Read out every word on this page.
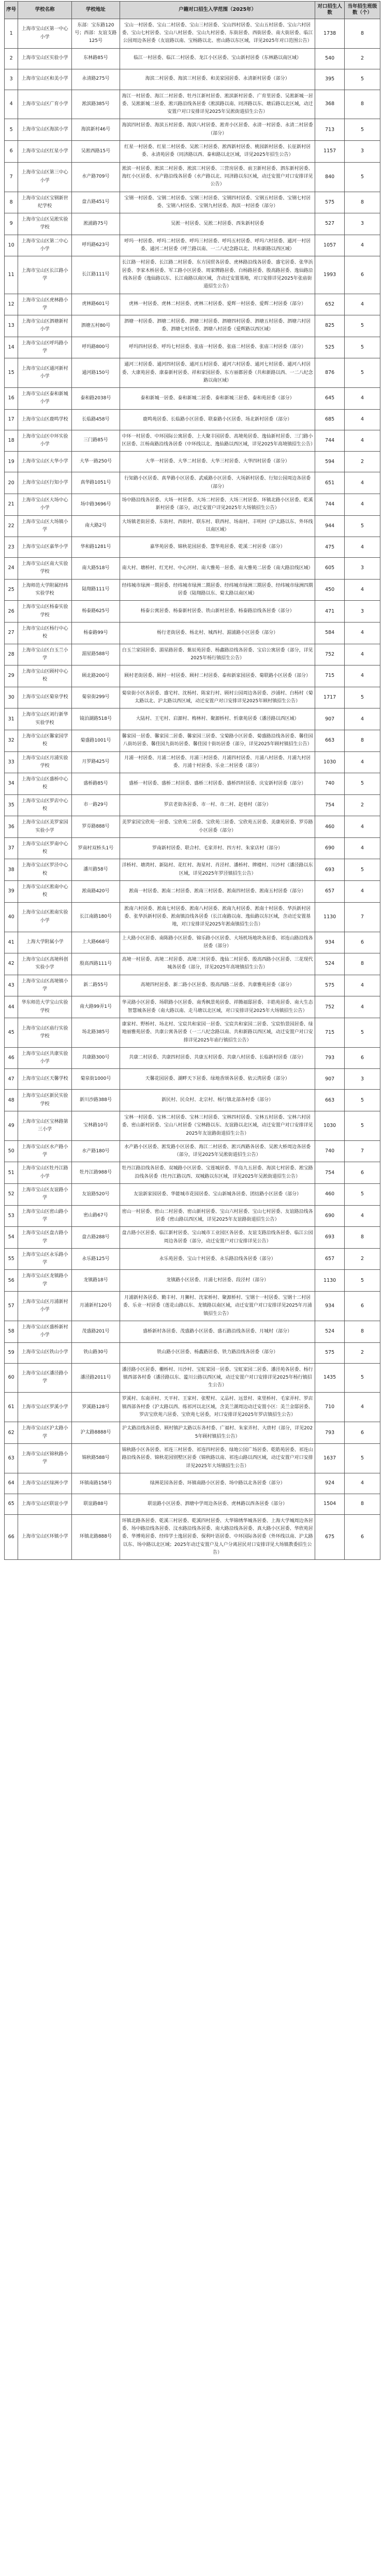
序号	学校名称	学校地址	户籍对口招生入学范围（2025年）	对口招生人数	当年招生班级数（个）
1	上海市宝山区第一中心小学	东部：宝东路120号；西部：友谊支路125号	宝山一村居委、宝山二村居委、宝山三村居委、宝山四村居委、宝山五村居委、宝山六村居委、宝山七村居委、宝山八村居委、宝山九村居委、东街居委、西街居委、南大街居委、临江公园周边各居委（友谊路以南、宝杨路以北、密山路以东区域，详见2025年对口范围公告）	1738	8
2	上海市宝山区实验小学	东林路85号	临江一村居委、临江二村居委、龙江小区居委、宝山新村居委（东林路以南区域）	540	2
3	上海市宝山区和美小学	永清路275号	海滨二村居委、海滨三村居委、和美家园居委、永清新村居委（部分）	395	5
4	上海市宝山区广育小学	淞滨路385号	海江一村居委、海江二村居委、牡丹江新村居委、淞滨新村居委、广育里居委、吴淞新城一居委、吴淞新城二居委、淞兴路沿线各居委（淞滨路以南、同济路以东、塘后路以北区域，动迁安置户对口安排详见2025年吴淞街道招生公告）	368	8
5	上海市宝山区海滨小学	海滨新村46号	海滨四村居委、海滨五村居委、海滨八村居委、淞青小区居委、永清一村居委、永清二村居委（部分）	713	5
6	上海市宝山区红星小学	吴淞西路15号	红星一村居委、红星二村居委、吴淞三村居委、淞西新村居委、桃园新村居委、长征新村居委、永清苑居委（同济路以西、泰和路以北区域，详见2025年招生公告）	1157	3
7	上海市宝山区第三中心小学	水产路709号	淞滨一村居委、淞滨二村居委、淞滨三村居委、三营房居委、前卫新村居委、泗东新村居委、海红小区居委、水产路沿线各居委（水产路以北、同济路以东区域，动迁安置户对口安排详见公告）	840	5
8	上海市宝山区宝钢新世纪学校	盘古路451号	宝钢一村居委、宝钢二村居委、宝钢三村居委、宝钢四村居委、宝钢五村居委、宝钢七村居委、宝钢八村居委、宝钢九村居委、海滨一村居委（部分）	575	8
9	上海市宝山区吴淞实验学校	淞浦路75号	吴淞一村居委、吴淞二村居委、西朱新村居委	527	3
10	上海市宝山区第二中心小学	呼玛路623号	呼玛一村居委、呼玛二村居委、呼玛三村居委、呼玛五村居委、呼玛六村居委、通河一村居委、通河二村居委（呼兰路以南、一二八纪念路以北、共和新路以西区域）	1057	4
11	上海市宝山区长江路小学	长江路111号	长江路一村居委、长江路二村居委、东方国贸各居委、虎林路沿线各居委、盛宅居委、张华浜居委、李家木桥居委、军工路小区居委、周家牌路居委、白杨路居委、殷高路居委、逸仙路沿线各居委（逸仙路以东、长江南路以南区域，含动迁安置基地，对口安排详见2025年张庙街道招生公告）	1993	6
12	上海市宝山区虎林路小学	虎林路601号	虎林一村居委、虎林二村居委、虎林三村居委、爱辉一村居委、爱辉二村居委（部分）	652	4
13	上海市宝山区泗塘新村小学	泗塘五村80号	泗塘一村居委、泗塘二村居委、泗塘三村居委、泗塘四村居委、泗塘五村居委、泗塘六村居委、泗塘七村居委、泗塘八村居委（爱辉路以西区域）	825	5
14	上海市宝山区呼玛路小学	呼玛路800号	呼玛四村居委、呼玛七村居委、张庙一村居委、张庙二村居委、张庙三村居委（部分）	525	5
15	上海市宝山区通河新村小学	通河路150号	通河三村居委、通河四村居委、通河五村居委、通河六村居委、通河七村居委、通河八村居委、大康苑居委、康泰新村居委、祥和家园居委、东方丽都居委（共和新路以西、一二八纪念路以南区域）	876	5
16	上海市宝山区泰和新城小学	泰和路2038号	泰和新城一居委、泰和新城二居委、泰和新城三居委、泰和苑居委（部分）	645	4
17	上海市宝山区鹿鸣学校	长临路458号	鹿鸣苑居委、长临路小区居委、联泰路小区居委、场北新村居委（部分）	685	4
18	上海市宝山区中环实验小学	三门路85号	中环一村居委、中环国际公寓居委、上大聚丰园居委、高境苑居委、逸仙新村居委、三门路小区居委、江杨南路沿线各居委（中环线以北、逸仙路以西区域，详见2025年高境镇招生公告）	744	4
19	上海市宝山区大华小学	大华一路250号	大华一村居委、大华二村居委、大华三村居委、大华四村居委（部分）	594	2
20	上海市宝山区行知小学	真华路1051号	行知路小区居委、真华路小区居委、武威路小区居委、大场新村居委、行知公园周边各居委（部分）	651	4
21	上海市宝山区大场中心小学	场中路3696号	场中路沿线各居委、大场一村居委、大场二村居委、大场三村居委、环镇北路小区居委、乾溪新村居委（部分，动迁安置户详见2025年大场镇招生公告）	744	4
22	上海市宝山区大场镇小学	南大路2号	大场镇老街居委、东街村、西街村、联东村、联西村、场南村、丰明村（沪太路以东、外环线以南区域）	944	5
23	上海市宝山区嘉华小学	华和路1281号	嘉华苑居委、锦秋花园居委、慧华苑居委、乾溪二村居委（部分）	475	4
24	上海市宝山区南大实验学校	南大路518号	南大村、塘桥村、红光村、中心河村、南大雅苑一居委、南大雅苑二居委（南大路沿线区域）	605	3
25	上海师范大学附属经纬实验学校	陆翔路111号	经纬城市绿洲一期居委、经纬城市绿洲二期居委、经纬城市绿洲三期居委、经纬城市绿洲四期居委（陆翔路以东、菊太路以南区域）	450	4
26	上海市宝山区杨泰实验学校	杨泰路625号	杨泰公寓居委、杨泰新村居委、铁山新村居委、杨泰路沿线各居委（部分）	471	3
27	上海市宝山区杨行中心校	杨泰路99号	杨行老街居委、杨北村、城西村、湄浦路小区居委（部分）	584	4
28	上海市宝山区白玉兰小学	湄星路588号	白玉兰家园居委、湄星路居委、紫辰苑居委、杨鑫路沿线各居委、宝启公寓居委（部分，详见2025年杨行镇招生公告）	752	4
29	上海市宝山区顾村中心校	顾北路200号	顾村老街居委、顾村一村居委、顾村二村居委、泰和新家园居委、菊联路小区居委（部分）	715	4
30	上海市宝山区菊泉学校	菊泉街299号	菊泉街小区各居委、盛宅村、沈杨村、陈家行村、顾村公园周边各居委、沙浦村、白杨村（菊太路以北、沪太路以西区域，动迁安置户对口安排详见2025年顾村镇招生公告）	1717	5
31	上海市宝山区刘行新华实验学校	镜泊湖路518号	大陆村、王宅村、启源村、梅林村、聚源桥村、忻康苑居委（潘泾路以西区域）	907	4
32	上海市宝山区馨家园学校	菊盛路1001号	馨家园一居委、馨家园二居委、馨家园三居委、宝菊路小区居委、菊盛路沿线各居委、馨佳园八街坊居委、馨佳园九街坊居委、馨佳园十街坊居委（部分，详见2025年顾村镇招生公告）	663	8
33	上海市宝山区月浦实验学校	月罗路425号	月浦一村居委、月浦二村居委、月浦三村居委、月浦四村居委、月浦八村居委、月浦九村居委、月浦十村居委、乐业二村居委（部分）	1030	4
34	上海市宝山区盛桥中心校	盛桥路85号	盛桥一村居委、盛桥二村居委、盛桥三村居委、盛桥四村居委、庆安新村居委（部分）	740	5
35	上海市宝山区罗店中心校	市一路29号	罗店老街各居委、市一村、市二村、赵巷村（部分）	754	2
36	上海市宝山区美罗家园实验小学	罗芬路888号	美罗家园宝欣苑一居委、宝欣苑二居委、宝欣苑三居委、宝欣苑五居委、美康苑居委、罗芬路小区居委（部分）	460	4
37	上海市宝山区罗南中心校	罗南村双桥头1号	罗南新村居委、联合村、毛家弄村、四方村、朱家店村（部分）	690	4
38	上海市宝山区罗泾中心校	潘川路58号	洋桥村、塘湾村、新陆村、花红村、海星村、肖泾村、潘桥村、牌楼村、川沙村（潘泾路以东区域，详见2025年罗泾镇招生公告）	693	5
39	上海市宝山区淞南中心校	淞南路420号	淞南一村居委、淞南二村居委、淞南三村居委、淞南四村居委、淞南五村居委（部分）	657	4
40	上海市宝山区淞南实验小学	长江南路180号	淞南六村居委、淞南七村居委、淞南八村居委、淞南九村居委、淞南十村居委、华浜新村居委、张华浜新村居委、淞南镇沿线各居委（长江南路以南、逸仙路以东区域，含动迁安置基地，对口安排详见2025年淞南镇招生公告）	1130	7
41	上海大学附属小学	上大路668号	上大路小区居委、南陈路小区居委、锦乐路小区居委、大场机场地块各居委、祁连山路沿线各居委（部分）	934	6
42	上海市宝山区高境科创实验小学	殷高西路111号	高境一村居委、高境二村居委、高境三村居委、逸仙二村居委、殷高西路小区居委、三花现代城各居委（部分，详见2025年高境镇招生公告）	524	8
43	上海市宝山区高境镇小学	新二路55号	高境四村居委、新二路小区居委、殷高西路二居委、共康雅苑居委（部分）	575	4
44	华东师范大学宝山实验学校	南大路99弄1号	华灵路小区居委、场联路小区居委、南秀枫景苑居委、祥腾福邸居委、丰皓苑居委、南大生态智慧城各居委（南大路以南、走马塘以北区域，对口安排详见2025年大场镇招生公告）	752	4
45	上海市宝山区庙行实验学校	场北路385号	康家村、野桥村、场北村、宝宸共和家园一居委、宝宸共和家园二居委、宝宸怡景园居委、绿地丽雅苑居委、共康公寓各居委（一二八纪念路以南、共和新路以西区域，动迁安置户对口安排详见2025年庙行镇招生公告）	715	5
46	上海市宝山区共康实验小学	共康路300号	共康二村居委、共康四村居委、共康五村居委、共康八村居委、长临新村居委（部分）	793	6
47	上海市宝山区天馨学校	菊泉街1000号	天馨花园居委、湖畔天下居委、绿地香颂各居委、依云湾居委（部分）	907	3
48	上海市宝山区新民实验学校	新川沙路388号	新民村、民众村、北宗村、杨行镇北部各村委（部分）	663	5
49	上海市宝山区宝林路第三小学	宝林路10号	宝林一村居委、宝林二村居委、宝林三村居委、宝林四村居委、宝林五村居委、宝林六村居委、密山新村居委、宝山八村居委（宝林路以东、友谊路以北区域，动迁安置户对口安排详见2025年友谊路街道招生公告）	1030	5
50	上海市宝山区水产路小学	水产路180号	水产路小区居委、淞发路小区居委、海江二村居委、淞兴西路各居委、吴淞大桥周边各居委（部分，详见2025年吴淞街道招生公告）	740	7
51	上海市宝山区牡丹江路小学	牡丹江路988号	牡丹江路沿线各居委、双城路小区居委、宝莲城居委、半岛九五居委、海滨七村居委、淞宝路沿线各居委（牡丹江路以西、双城路以东区域，详见2025年吴淞街道招生公告）	754	6
52	上海市宝山区友谊路小学	友谊路520号	友谊新家园居委、华能城市花园居委、宝山新城各居委、团结路小区居委（部分）	460	5
53	上海市宝山区密山路小学	密山路67号	密山一村居委、密山二村居委、密山新村居委、宝山六村居委、宝山七村居委、友谊路沿线各居委（密山路以西区域，详见2025年友谊路街道招生公告）	690	4
54	上海市宝山区盘古路小学	盘古路288号	盘古路小区居委、临江新村居委、宝山城市工业园区各居委、友谊支路沿线各居委、临江公园周边各居委（部分，动迁安置户对口安排详见公告）	693	8
55	上海市宝山区永乐路小学	永乐路125号	永乐苑居委、宝山十村居委、永乐路沿线各居委（部分）	657	2
56	上海市宝山区龙镇路小学	龙镇路18号	龙镇路小区居委、月浦七村居委、段泾村（部分）	1130	5
57	上海市宝山区月浦新村小学	月浦新村120号	月浦新村各居委、勤丰村、月狮村、沈家桥村、聚源桥村、宝钢十一村居委、宝钢十二村居委、乐业一村居委（莲花山路以东、龙镇路以南区域，动迁安置户对口安排详见2025年月浦镇招生公告）	934	6
58	上海市宝山区盛桥新村小学	茂盛路201号	盛桥新村各居委、茂盛路小区居委、盛石路沿线各居委、月城村（部分）	524	8
59	上海市宝山区铁山小学	铁山路30号	铁山路小区居委、杨鑫路居委、铁力路沿线各居委（部分）	575	2
60	上海市宝山区潘泾路小学	潘泾路2011号	潘泾路小区居委、栅桥村、川沙村、宝虹家园一居委、宝虹家园二居委、潘泾苑各居委、杨行镇西部各村委（潘泾路以东、蕰川公路以西区域，动迁安置户对口安排详见2025年杨行镇招生公告）	1435	5
61	上海市宝山区罗溪小学	罗溪路128号	罗溪村、东南弄村、天平村、王家村、张墅村、义品村、远景村、束里桥村、毛家弄村、罗店镇西部各村委（沪太路以西、练祁河以北区域，含美兰湖周边动迁安置小区：美兰金邸居委、罗店宝欣苑六居委、宝欣苑七居委，对口安排详见2025年罗店镇招生公告）	710	4
62	上海市宝山区沪太路小学	沪太路8888号	沪太路沿线各居委、顾村镇沪太路以东各村委、广福村、朱家弄村、大唐村（部分，详见2025年顾村镇招生公告）	793	6
63	上海市宝山区锦秋路小学	锦秋路588号	锦秋路小区各居委、祁连三村居委、祁连四村居委、绿地公园广场居委、乾皓苑居委、祁连山路沿线各居委、锦秋花园别墅区居委（锦秋路以南、祁连山路以西区域，动迁安置户对口安排详见2025年大场镇招生公告）	1637	5
64	上海市宝山区绿洲小学	环镇南路158号	绿洲花园各居委、环镇南路小区居委、场中路以北各居委（部分）	924	4
65	上海市宝山区联谊小学	联谊路88号	联谊路小区居委、泗塘中学周边各居委、虎林路以西各居委（部分）	1504	8
66	上海市宝山区环镇小学	环镇北路888号	环镇北路各居委、乾溪三村居委、乾溪四村居委、大华锦绣华城各居委、上海大学城周边各居委、场中路沿线各居委、汶水路沿线各居委、南大路沿线各居委、真大路小区居委、华欣苑居委、华博苑居委、经纬学士逸居居委、保利叶语居委、中环国际各居委（外环线以南、沪太路以东、场中路以北区域；2025年动迁安置户及人户分离居民对口安排详见大场镇教委招生公告）	675	6
